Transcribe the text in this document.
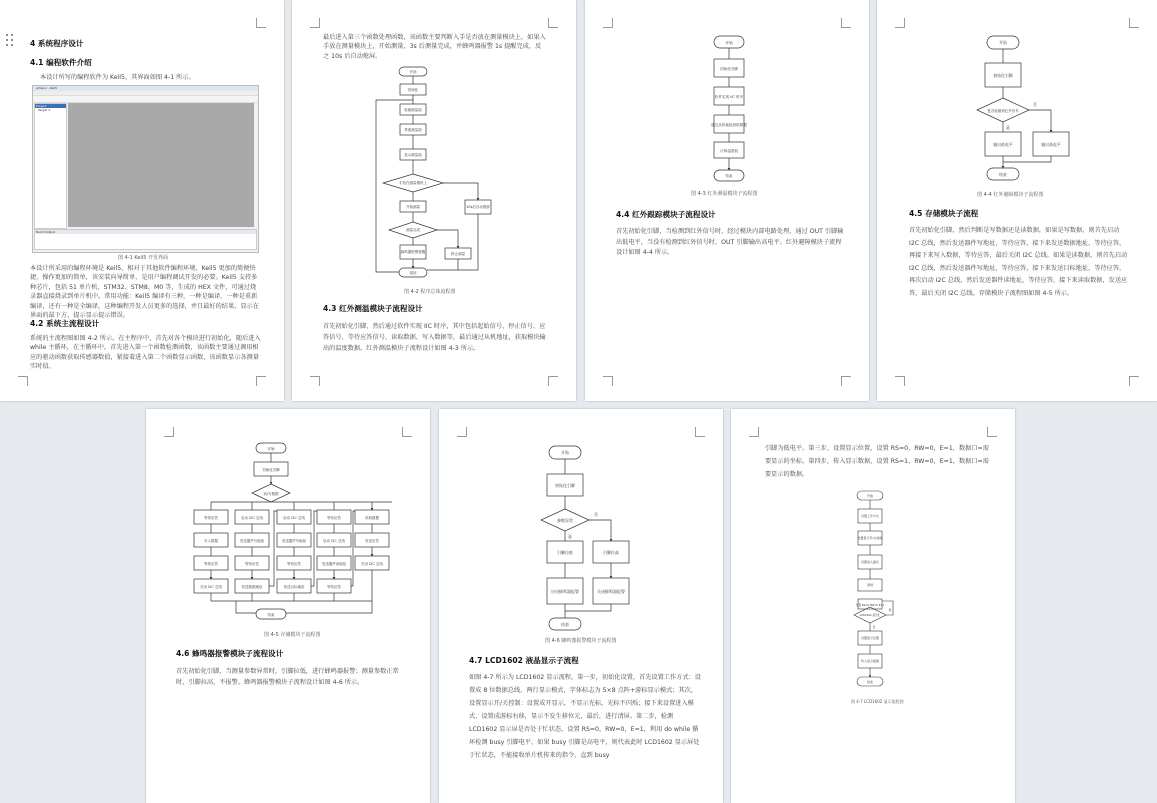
4 系统程序设计
4.1 编程软件介绍
本设计所写的编程软件为 Keil5，其界面如图 4-1 所示。
μVision - Keil5
Project
Target 1
Build Output
图 4-1 Keil5 开发界面
本设计所采用的编程环境是 Keil5，相对于其他软件编程环境，Keil5 更加的简便快捷，操作更加的简单，该安装向导简单，是用户编程调试开发的必要。Keil5 支持多种芯片，包括 51 单片机、STM32、STM8、M0 等，生成的 HEX 文件，可通过烧录器直接烧录到单片机中。常用功能：Keil5 编译有三种，一种是编译，一种是重新编译，还有一种是全编译，这种编程开发人员更多的选择，并且最好的结果，显示在界面的最下方，提示显示提示错误。
4.2 系统主流程设计
系统的主流程图如图 4-2 所示。在主程序中，首先对各个模块进行初始化，随后进入 while 主循环，在主循环中，首先进入第一个函数检测函数，该函数主要通过调用相应的驱动函数获取传感器数值，紧接着进入第二个函数显示函数，该函数显示各测量实时值。
最后进入第三个函数处理函数，该函数主要判断入手是否放在测量模块上，如果入手放在测量模块上，开始测量，3s 后测量完成，并蜂鸣器报警 1s 提醒完成，反之 10s 后自动熄屏。
开始
初始化
检测测量值
界面测量值
显示测量值
手放在测量模块上
开始测量
测量完成
蜂鸣器报警提醒
10s后自动熄屏
停止测量
返回
图 4-2 程序总体流程图
4.3 红外测温模块子流程设计
首先初始化引脚，然后通过软件实现 IIC 时序，其中包括起始信号、停止信号、应答信号、等待应答信号、读取数据、写入数据等，最后通过从机地址，获取模块输出的温度数据。红外测温模块子流程设计如图 4-3 所示。
开始
初始化引脚
软件实现 IIC 时序
通过从机地址获取数据
计算温度值
结束
图 4-3 红外测温模块子流程图
4.4 红外跟踪模块子流程设计
首先初始化引脚，当检测到红外信号时，经过模块内部电路处理，通过 OUT 引脚输出低电平，当没有检测到红外信号时，OUT 引脚输出高电平。红外避障模块子流程设计如图 4-4 所示。
开始
初始化引脚
是否检测到红外信号
是
否
输出低电平	输出高电平
结束
图 4-4 红外避障模块子流程图
4.5 存储模块子流程
首先初始化引脚，然后判断是写数据还是读数据，如果是写数据，则首先启动 I2C 总线，然后发送器件写地址，等待应答，接下来发送数据地址，等待应答，再接下来写入数据，等待应答，最后关闭 I2C 总线。如果是读数据，则首先启动 I2C 总线，然后发送器件写地址，等待应答，接下来发送目标地址，等待应答，再次启动 I2C 总线，然后发送器件读地址，等待应答，接下来读取数据，发送应答，最后关闭 I2C 总线。存储模块子流程图如图 4-5 所示。
开始
初始化引脚
读/写数据
等待应答
写入数据
等待应答
关闭 I2C 总线
启动 I2C 总线
发送器件写地址
等待应答
发送数据地址
启动 I2C 总线
发送器件写地址
等待应答
发送目标地址
等待应答
启动 I2C 总线
发送器件读地址
等待应答
读取数据
发送应答
关闭 I2C 总线
结束
图 4-5 存储模块子流程图
4.6 蜂鸣器报警模块子流程设计
首先初始化引脚，当测量参数异常时，引脚拉低，进行蜂鸣器报警；测量参数正常时，引脚拉高，不报警。蜂鸣器报警模块子流程设计如图 4-6 所示。
开始
初始化引脚
参数异常
是
否
引脚拉低	引脚拉高
启动蜂鸣器报警	关闭蜂鸣器报警
结束
图 4-6 蜂鸣器报警模块子流程图
4.7 LCD1602 液晶显示子流程
如图 4-7 所示为 LCD1602 显示流程，第一步，初始化设置，首先设置工作方式：设置成 8 位数据总线，两行显示模式，字体标志为 5×8 点阵+游标显示模式；其次，设置显示开/关控制：设置成开显示，不显示光标，光标不闪烁；接下来设置进入模式，设置成游标右移，显示不发生移位元，最后，进行清屏。第二步，检测 LCD1602 显示屏是否处于忙状态，设置 RS=0，RW=0，E=1，利用 do while 循环检测 busy 引脚电平，如果 busy 引脚是高电平，则代表此时 LCD1602 显示屏处于忙状态，不能接收单片机传来的指令，直到 busy
引脚为低电平。第三步，设置显示位置，设置 RS=0，RW=0，E=1，数据口=需要显示的坐标。第四步，传入显示数据，设置 RS=1，RW=0，E=1，数据口=需要显示的数据。
开始
设置工作方式
设置显示开/关控制
设置进入模式
清屏
设置 RS=0 RW=0 E=1
LCD1602 是否忙
是
否
设置显示位置
传入显示数据
结束
图 4-7 LCD1602 显示流程图
